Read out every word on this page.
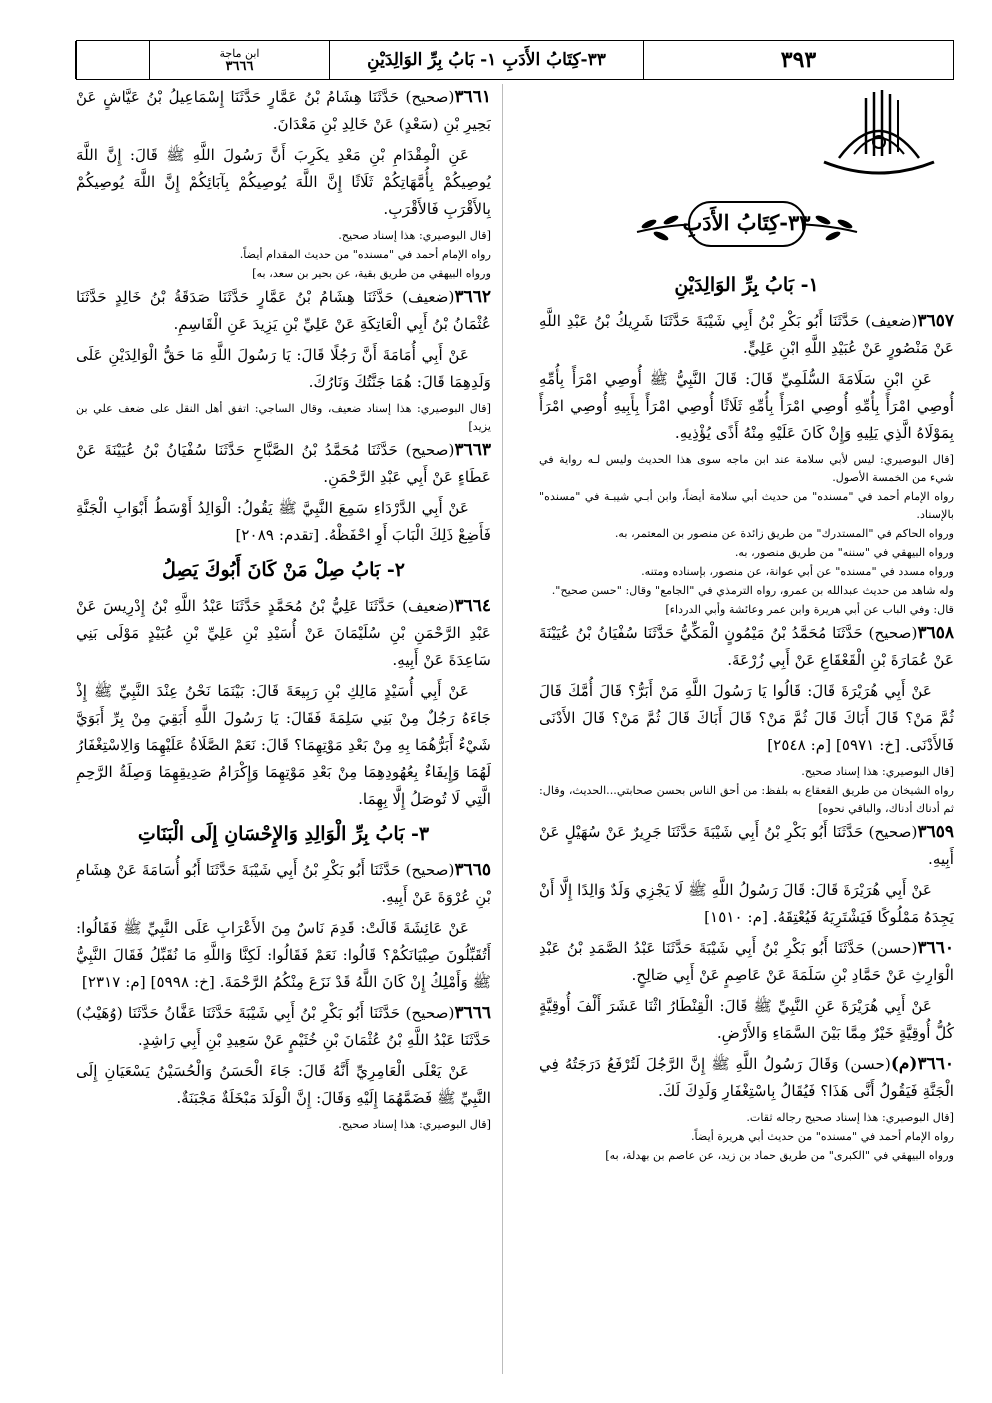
٣٩٣
٣٣-كِتَابُ الأَدَبِ ١- بَابُ بِرِّ الوَالِدَيْنِ
ابن ماجة
٣٦٦٦
٣٣-كِتَابُ الأَدَبِ
١- بَابُ بِرِّ الوَالِدَيْنِ
٣٦٥٧(ضعيف) حَدَّثَنَا أَبُو بَكْرِ بْنُ أَبِي شَيْبَةَ حَدَّثَنَا شَرِيكُ بْنُ عَبْدِ اللَّهِ عَنْ مَنْصُورٍ عَنْ عُبَيْدِ اللَّهِ ابْنِ عَلِيٍّ.
عَنِ ابْنِ سَلَامَةَ السُّلَمِيِّ قَالَ: قَالَ النَّبِيُّ ﷺ أُوصِي امْرَأً بِأُمِّهِ أُوصِي امْرَأً بِأُمِّهِ أُوصِي امْرَأً بِأُمِّهِ ثَلَاثًا أُوصِي امْرَأً بِأَبِيهِ أُوصِي امْرَأً بِمَوْلَاهُ الَّذِي يَلِيهِ وَإِنْ كَانَ عَلَيْهِ مِنْهُ أَذًى يُؤْذِيهِ.
[قال البوصيري: ليس لأبي سلامة عند ابن ماجه سوى هذا الحديث وليس لـه رواية في شيء من الخمسة الأصول.
رواه الإمام أحمد في "مسنده" من حديث أبي سلامة أيضاً، وابن أبـي شيبـة في "مسنده" بالإسناد.
ورواه الحاكم في "المستدرك" من طريق زائدة عن منصور بن المعتمر، به.
ورواه البيهقي في "سننه" من طريق منصور، به.
ورواه مسدد في "مسنده" عن أبي عوانة، عن منصور، بإسناده ومتنه.
وله شاهد من حديث عبدالله بن عمرو، رواه الترمذي في "الجامع" وقال: "حسن صحيح".
قال: وفي الباب عن أبي هريرة وابن عمر وعائشة وأبي الدرداء]
٣٦٥٨(صحيح) حَدَّثَنَا مُحَمَّدُ بْنُ مَيْمُونٍ الْمَكِّيُّ حَدَّثَنَا سُفْيَانُ بْنُ عُيَيْنَةَ عَنْ عُمَارَةَ بْنِ الْقَعْقَاعِ عَنْ أَبِي زُرْعَةَ.
عَنْ أَبِي هُرَيْرَةَ قَالَ: قَالُوا يَا رَسُولَ اللَّهِ مَنْ أَبَرُّ؟ قَالَ أُمَّكَ قَالَ ثُمَّ مَنْ؟ قَالَ أَبَاكَ قَالَ ثُمَّ مَنْ؟ قَالَ أَبَاكَ قَالَ ثُمَّ مَنْ؟ قَالَ الأَدْنَى فَالأَدْنَى. [خ: ٥٩٧١] [م: ٢٥٤٨]
[قال البوصيري: هذا إسناد صحيح.
رواه الشيخان من طريق القعقاع به بلفظ: من أحق الناس بحسن صحابتي...الحديث، وقال: ثم أدناك أدناك، والباقي نحوه]
٣٦٥٩(صحيح) حَدَّثَنَا أَبُو بَكْرِ بْنُ أَبِي شَيْبَةَ حَدَّثَنَا جَرِيرٌ عَنْ سُهَيْلٍ عَنْ أَبِيهِ.
عَنْ أَبِي هُرَيْرَةَ قَالَ: قَالَ رَسُولُ اللَّهِ ﷺ لَا يَجْزِي وَلَدٌ وَالِدًا إِلَّا أَنْ يَجِدَهُ مَمْلُوكًا فَيَشْتَرِيَهُ فَيُعْتِقَهُ. [م: ١٥١٠]
٣٦٦٠(حسن) حَدَّثَنَا أَبُو بَكْرِ بْنُ أَبِي شَيْبَةَ حَدَّثَنَا عَبْدُ الصَّمَدِ بْنُ عَبْدِ الْوَارِثِ عَنْ حَمَّادِ بْنِ سَلَمَةَ عَنْ عَاصِمٍ عَنْ أَبِي صَالِحٍ.
عَنْ أَبِي هُرَيْرَةَ عَنِ النَّبِيِّ ﷺ قَالَ: الْقِنْطَارُ اثْنَا عَشَرَ أَلْفَ أُوقِيَّةٍ كُلُّ أُوقِيَّةٍ خَيْرٌ مِمَّا بَيْنَ السَّمَاءِ وَالأَرْضِ.
٣٦٦٠(م)(حسن) وَقَالَ رَسُولُ اللَّهِ ﷺ إِنَّ الرَّجُلَ لَتُرْفَعُ دَرَجَتُهُ فِي الْجَنَّةِ فَيَقُولُ أَنَّى هَذَا؟ فَيُقَالُ بِاسْتِغْفَارِ وَلَدِكَ لَكَ.
[قال البوصيري: هذا إسناد صحيح رجاله ثقات.
رواه الإمام أحمد في "مسنده" من حديث أبي هريرة أيضاً.
ورواه البيهقي في "الكبرى" من طريق حماد بن زيد، عن عاصم بن بهدلة، به]
٣٦٦١(صحيح) حَدَّثَنَا هِشَامُ بْنُ عَمَّارٍ حَدَّثَنَا إِسْمَاعِيلُ بْنُ عَيَّاشٍ عَنْ بَحِيرِ بْنِ (سَعْدٍ) عَنْ خَالِدِ بْنِ مَعْدَانَ.
عَنِ الْمِقْدَامِ بْنِ مَعْدِ يكَرِبَ أَنَّ رَسُولَ اللَّهِ ﷺ قَالَ: إِنَّ اللَّهَ يُوصِيكُمْ بِأُمَّهَاتِكُمْ ثَلَاثًا إِنَّ اللَّهَ يُوصِيكُمْ بِآبَائِكُمْ إِنَّ اللَّهَ يُوصِيكُمْ بِالأَقْرَبِ فَالأَقْرَبِ.
[قال البوصيري: هذا إسناد صحيح.
رواه الإمام أحمد في "مسنده" من حديث المقدام أيضاً.
ورواه البيهقي من طريق بقية، عن بحير بن سعد، به]
٣٦٦٢(ضعيف) حَدَّثَنَا هِشَامُ بْنُ عَمَّارٍ حَدَّثَنَا صَدَقَةُ بْنُ خَالِدٍ حَدَّثَنَا عُثْمَانُ بْنُ أَبِي الْعَاتِكَةِ عَنْ عَلِيِّ بْنِ يَزِيدَ عَنِ الْقَاسِمِ.
عَنْ أَبِي أُمَامَةَ أَنَّ رَجُلًا قَالَ: يَا رَسُولَ اللَّهِ مَا حَقُّ الْوَالِدَيْنِ عَلَى وَلَدِهِمَا قَالَ: هُمَا جَنَّتُكَ وَنَارُكَ.
[قال البوصيري: هذا إسناد ضعيف، وقال الساجي: اتفق أهل النقل على ضعف علي بن يزيد]
٣٦٦٣(صحيح) حَدَّثَنَا مُحَمَّدُ بْنُ الصَّبَّاحِ حَدَّثَنَا سُفْيَانُ بْنُ عُيَيْنَةَ عَنْ عَطَاءٍ عَنْ أَبِي عَبْدِ الرَّحْمَنِ.
عَنْ أَبِي الدَّرْدَاءِ سَمِعَ النَّبِيَّ ﷺ يَقُولُ: الْوَالِدُ أَوْسَطُ أَبْوَابِ الْجَنَّةِ فَأَضِعْ ذَلِكَ الْبَابَ أَوِ احْفَظْهُ. [تقدم: ٢٠٨٩]
٢- بَابُ صِلْ مَنْ كَانَ أَبُوكَ يَصِلُ
٣٦٦٤(ضعيف) حَدَّثَنَا عَلِيُّ بْنُ مُحَمَّدٍ حَدَّثَنَا عَبْدُ اللَّهِ بْنُ إِدْرِيسَ عَنْ عَبْدِ الرَّحْمَنِ بْنِ سُلَيْمَانَ عَنْ أُسَيْدِ بْنِ عَلِيِّ بْنِ عُبَيْدٍ مَوْلَى بَنِي سَاعِدَةَ عَنْ أَبِيهِ.
عَنْ أَبِي أُسَيْدٍ مَالِكِ بْنِ رَبِيعَةَ قَالَ: بَيْنَمَا نَحْنُ عِنْدَ النَّبِيِّ ﷺ إِذْ جَاءَهُ رَجُلٌ مِنْ بَنِي سَلِمَةَ فَقَالَ: يَا رَسُولَ اللَّهِ أَبَقِيَ مِنْ بِرِّ أَبَوَيَّ شَيْءٌ أَبَرُّهُمَا بِهِ مِنْ بَعْدِ مَوْتِهِمَا؟ قَالَ: نَعَمْ الصَّلَاةُ عَلَيْهِمَا وَالِاسْتِغْفَارُ لَهُمَا وَإِيفَاءٌ بِعُهُودِهِمَا مِنْ بَعْدِ مَوْتِهِمَا وَإِكْرَامُ صَدِيقِهِمَا وَصِلَةُ الرَّحِمِ الَّتِي لَا تُوصَلُ إِلَّا بِهِمَا.
٣- بَابُ بِرِّ الْوَالِدِ وَالإِحْسَانِ إِلَى الْبَنَاتِ
٣٦٦٥(صحيح) حَدَّثَنَا أَبُو بَكْرِ بْنُ أَبِي شَيْبَةَ حَدَّثَنَا أَبُو أُسَامَةَ عَنْ هِشَامِ بْنِ عُرْوَةَ عَنْ أَبِيهِ.
عَنْ عَائِشَةَ قَالَتْ: قَدِمَ نَاسٌ مِنَ الأَعْرَابِ عَلَى النَّبِيِّ ﷺ فَقَالُوا: أَتُقَبِّلُونَ صِبْيَانَكُمْ؟ قَالُوا: نَعَمْ فَقَالُوا: لَكِنَّا وَاللَّهِ مَا نُقَبِّلُ فَقَالَ النَّبِيُّ ﷺ وَأَمْلِكُ إِنْ كَانَ اللَّهُ قَدْ نَزَعَ مِنْكُمُ الرَّحْمَةَ. [خ: ٥٩٩٨] [م: ٢٣١٧]
٣٦٦٦(صحيح) حَدَّثَنَا أَبُو بَكْرِ بْنُ أَبِي شَيْبَةَ حَدَّثَنَا عَفَّانُ حَدَّثَنَا (وُهَيْبٌ) حَدَّثَنَا عَبْدُ اللَّهِ بْنُ عُثْمَانَ بْنِ خُثَيْمٍ عَنْ سَعِيدِ بْنِ أَبِي رَاشِدٍ.
عَنْ يَعْلَى الْعَامِرِيِّ أَنَّهُ قَالَ: جَاءَ الْحَسَنُ وَالْحُسَيْنُ يَسْعَيَانِ إِلَى النَّبِيِّ ﷺ فَضَمَّهُمَا إِلَيْهِ وَقَالَ: إِنَّ الْوَلَدَ مَبْخَلَةٌ مَجْبَنَةٌ.
[قال البوصيري: هذا إسناد صحيح.
